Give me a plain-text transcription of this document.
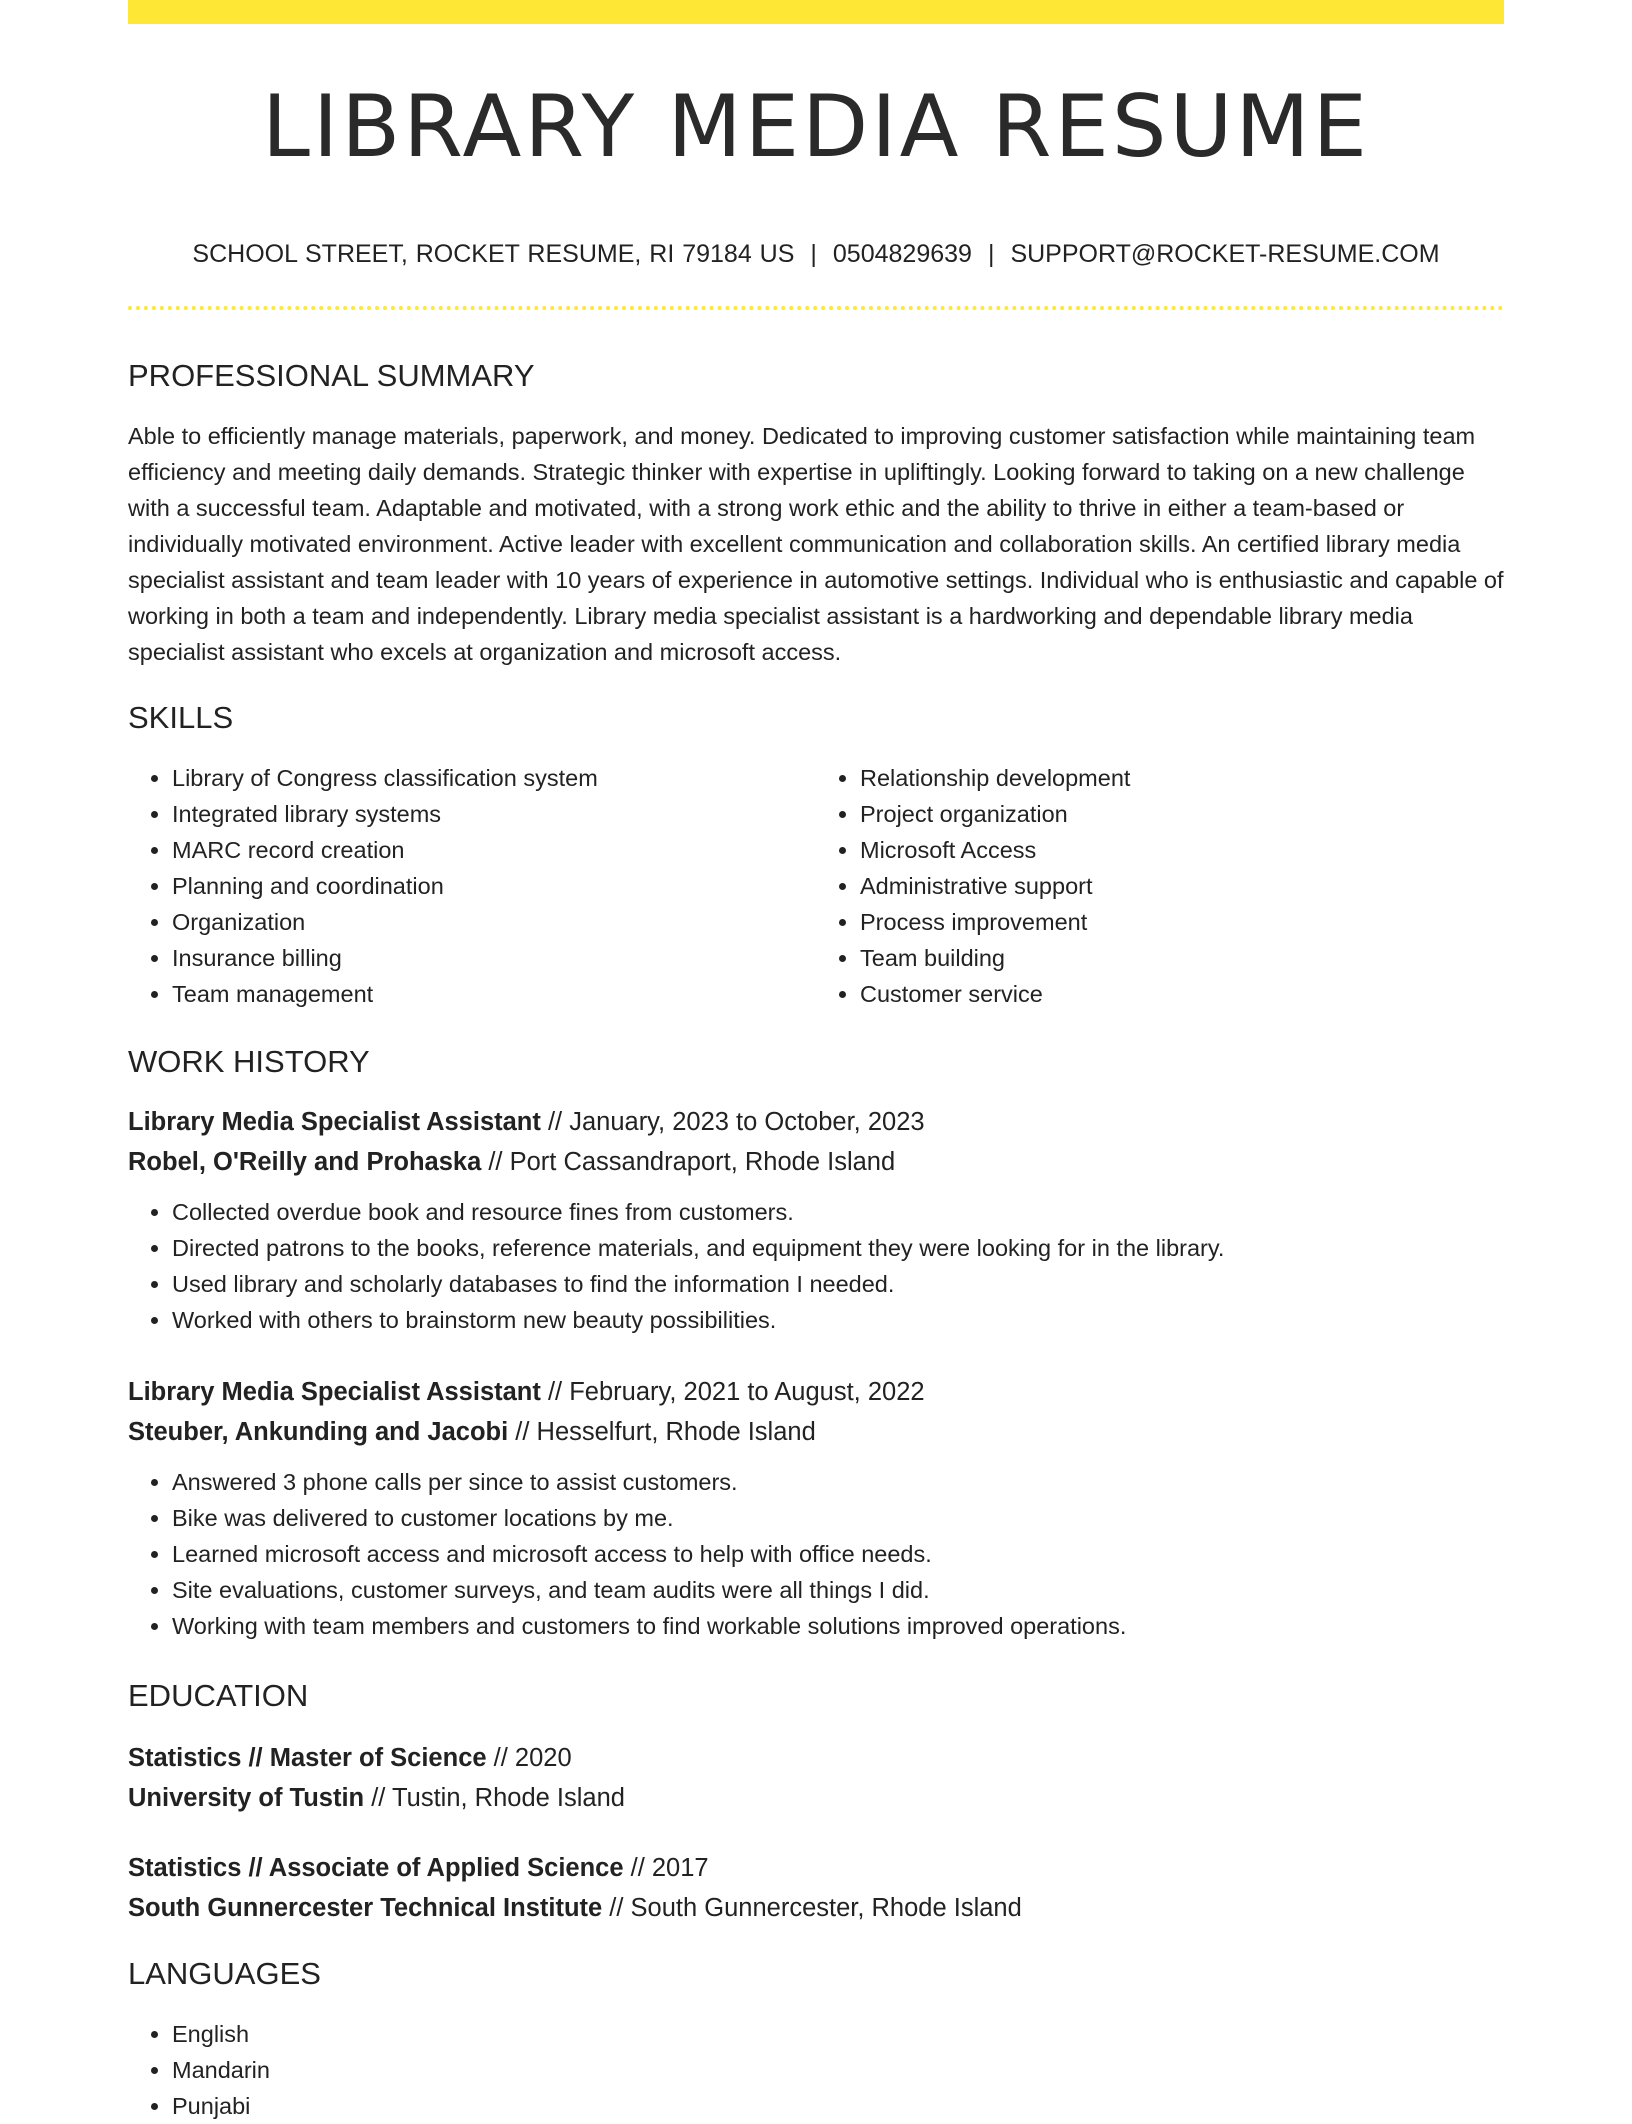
LIBRARY MEDIA RESUME
SCHOOL STREET, ROCKET RESUME, RI 79184 US | 0504829639 | SUPPORT@ROCKET-RESUME.COM
PROFESSIONAL SUMMARY

Able to efficiently manage materials, paperwork, and money. Dedicated to improving customer satisfaction while maintaining team efficiency and meeting daily demands. Strategic thinker with expertise in upliftingly. Looking forward to taking on a new challenge with a successful team. Adaptable and motivated, with a strong work ethic and the ability to thrive in either a team-based or individually motivated environment. Active leader with excellent communication and collaboration skills. An certified library media specialist assistant and team leader with 10 years of experience in automotive settings. Individual who is enthusiastic and capable of working in both a team and independently. Library media specialist assistant is a hardworking and dependable library media specialist assistant who excels at organization and microsoft access.

SKILLS
• Library of Congress classification system
• Integrated library systems
• MARC record creation
• Planning and coordination
• Organization
• Insurance billing
• Team management
• Relationship development
• Project organization
• Microsoft Access
• Administrative support
• Process improvement
• Team building
• Customer service
WORK HISTORY
Library Media Specialist Assistant // January, 2023 to October, 2023
Robel, O'Reilly and Prohaska // Port Cassandraport, Rhode Island
• Collected overdue book and resource fines from customers.
• Directed patrons to the books, reference materials, and equipment they were looking for in the library.
• Used library and scholarly databases to find the information I needed.
• Worked with others to brainstorm new beauty possibilities.
Library Media Specialist Assistant // February, 2021 to August, 2022
Steuber, Ankunding and Jacobi // Hesselfurt, Rhode Island
• Answered 3 phone calls per since to assist customers.
• Bike was delivered to customer locations by me.
• Learned microsoft access and microsoft access to help with office needs.
• Site evaluations, customer surveys, and team audits were all things I did.
• Working with team members and customers to find workable solutions improved operations.
EDUCATION
Statistics // Master of Science // 2020
University of Tustin // Tustin, Rhode Island
Statistics // Associate of Applied Science // 2017
South Gunnercester Technical Institute // South Gunnercester, Rhode Island
LANGUAGES
• English
• Mandarin
• Punjabi
